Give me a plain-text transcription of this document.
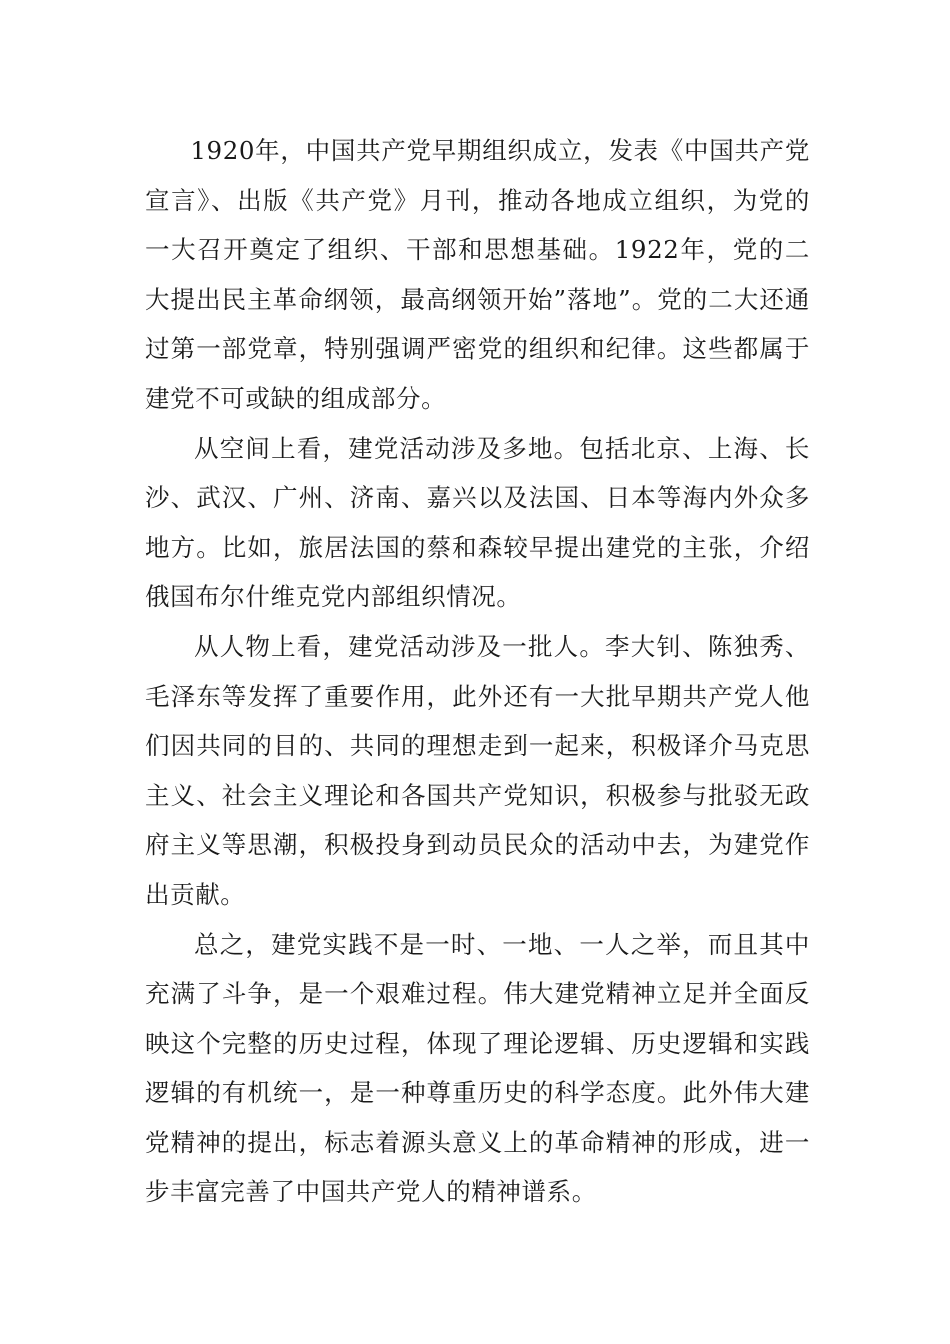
1920年，中国共产党早期组织成立，发表《中国共产党宣言》、出版《共产党》月刊，推动各地成立组织，为党的一大召开奠定了组织、干部和思想基础。1922年，党的二大提出民主革命纲领，最高纲领开始”落地”。党的二大还通过第一部党章，特别强调严密党的组织和纪律。这些都属于建党不可或缺的组成部分。

从空间上看，建党活动涉及多地。包括北京、上海、长沙、武汉、广州、济南、嘉兴以及法国、日本等海内外众多地方。比如，旅居法国的蔡和森较早提出建党的主张，介绍俄国布尔什维克党内部组织情况。

从人物上看，建党活动涉及一批人。李大钊、陈独秀、毛泽东等发挥了重要作用，此外还有一大批早期共产党人他们因共同的目的、共同的理想走到一起来，积极译介马克思主义、社会主义理论和各国共产党知识，积极参与批驳无政府主义等思潮，积极投身到动员民众的活动中去，为建党作出贡献。

总之，建党实践不是一时、一地、一人之举，而且其中充满了斗争，是一个艰难过程。伟大建党精神立足并全面反映这个完整的历史过程，体现了理论逻辑、历史逻辑和实践逻辑的有机统一，是一种尊重历史的科学态度。此外伟大建党精神的提出，标志着源头意义上的革命精神的形成，进一步丰富完善了中国共产党人的精神谱系。
